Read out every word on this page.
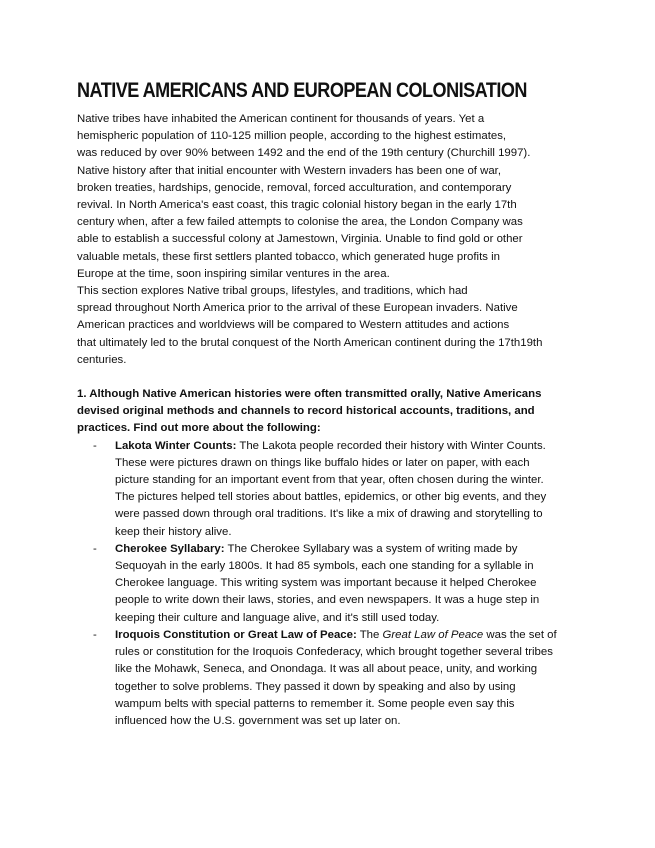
NATIVE AMERICANS AND EUROPEAN COLONISATION
Native tribes have inhabited the American continent for thousands of years. Yet a
hemispheric population of 110-125 million people, according to the highest estimates,
was reduced by over 90% between 1492 and the end of the 19th century (Churchill 1997).
Native history after that initial encounter with Western invaders has been one of war,
broken treaties, hardships, genocide, removal, forced acculturation, and contemporary
revival. In North America's east coast, this tragic colonial history began in the early 17th
century when, after a few failed attempts to colonise the area, the London Company was
able to establish a successful colony at Jamestown, Virginia. Unable to find gold or other
valuable metals, these first settlers planted tobacco, which generated huge profits in
Europe at the time, soon inspiring similar ventures in the area.
This section explores Native tribal groups, lifestyles, and traditions, which had
spread throughout North America prior to the arrival of these European invaders. Native
American practices and worldviews will be compared to Western attitudes and actions
that ultimately led to the brutal conquest of the North American continent during the 17th19th
centuries.
1. Although Native American histories were often transmitted orally, Native Americans
devised original methods and channels to record historical accounts, traditions, and
practices. Find out more about the following:
- Lakota Winter Counts: The Lakota people recorded their history with Winter Counts.
These were pictures drawn on things like buffalo hides or later on paper, with each
picture standing for an important event from that year, often chosen during the winter.
The pictures helped tell stories about battles, epidemics, or other big events, and they
were passed down through oral traditions. It's like a mix of drawing and storytelling to
keep their history alive.
- Cherokee Syllabary: The Cherokee Syllabary was a system of writing made by
Sequoyah in the early 1800s. It had 85 symbols, each one standing for a syllable in
Cherokee language. This writing system was important because it helped Cherokee
people to write down their laws, stories, and even newspapers. It was a huge step in
keeping their culture and language alive, and it's still used today.
- Iroquois Constitution or Great Law of Peace: The Great Law of Peace was the set of
rules or constitution for the Iroquois Confederacy, which brought together several tribes
like the Mohawk, Seneca, and Onondaga. It was all about peace, unity, and working
together to solve problems. They passed it down by speaking and also by using
wampum belts with special patterns to remember it. Some people even say this
influenced how the U.S. government was set up later on.
